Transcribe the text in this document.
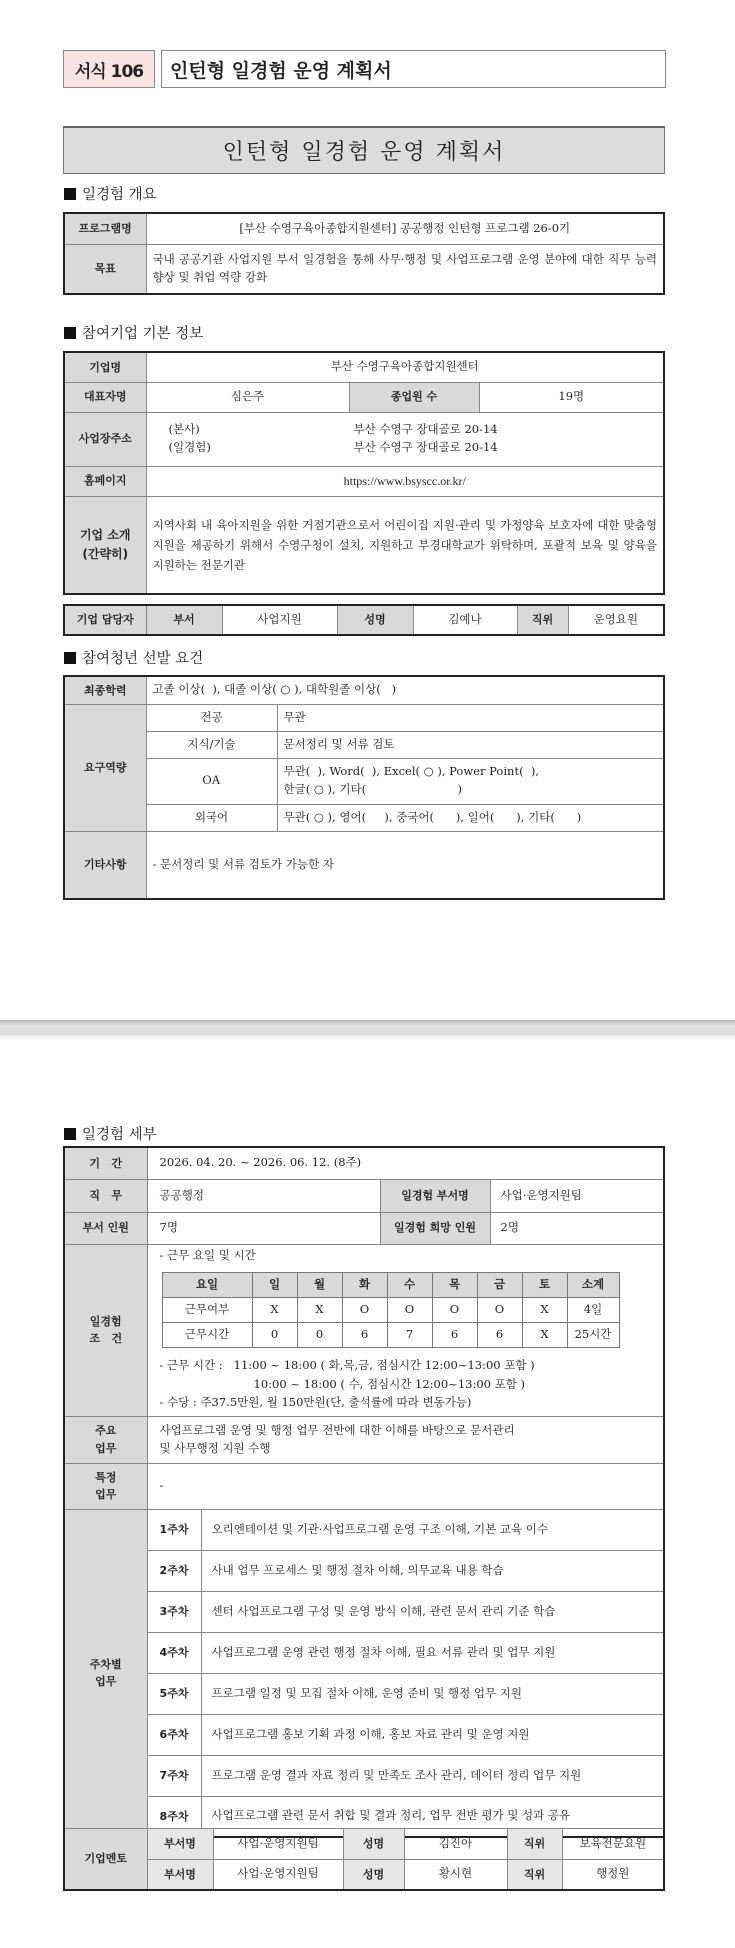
서식 106	인턴형 일경험 운영 계획서
인턴형 일경험 운영 계획서
일경험 개요
프로그램명	[부산 수영구육아종합지원센터] 공공행정 인턴형 프로그램 26-0기
목표	국내 공공기관 사업지원 부서 일경험을 통해 사무·행정 및 사업프로그램 운영 분야에 대한 직무 능력 향상 및 취업 역량 강화
참여기업 기본 정보
기업명	부산 수영구육아종합지원센터		
대표자명	심은주	종업원 수	19명
사업장주소	(본사) 부산 수영구 장대골로 20-14
(일경험) 부산 수영구 장대골로 20-14		

홈페이지	https://www.bsyscc.or.kr/		

기업 소개
(간략히)	지역사회 내 육아지원을 위한 거점기관으로서 어린이집 지원·관리 및 가정양육 보호자에 대한 맞춤형 지원을 제공하기 위해서 수영구청이 설치, 지원하고 부경대학교가 위탁하며, 포괄적 보육 및 양육을 지원하는 전문기관		
기업 담당자	부서	사업지원	성명	김예나	직위	운영요원
참여청년 선발 요건
최종학력	고졸 이상(  ), 대졸 이상( ○ ), 대학원졸 이상(   )	
요구역량	전공	무관
	지식/기술	문서정리 및 서류 검토
	OA	무관(  ), Word(  ), Excel( ○ ), Power Point(  ),
한글( ○ ), 기타(                         )

	외국어	무관( ○ ), 영어(     ), 중국어(      ), 일어(      ), 기타(      )
기타사항	- 문서정리 및 서류 검토가 가능한 자	
일경험 세부
기   간	2026. 04. 20. ~ 2026. 06. 12. (8주)
직   무	공공행정	일경험 부서명	사업·운영지원팀
부서 인원	7명	일경험 희망 인원	2명

일경험
조   건

- 근무 요일 및 시간
요일	일	월	화	수	목	금	토	소계
근무여부	X	X	O	O	O	O	X	4일
근무시간	0	0	6	7	6	6	X	25시간
- 근무 시간 :   11:00 ~ 18:00 ( 화,목,금, 점심시간 12:00~13:00 포함 )
10:00 ~ 18:00 ( 수, 점심시간 12:00~13:00 포함 )
- 수당 : 주37.5만원, 월 150만원(단, 출석률에 따라 변동가능)

주요
업무

사업프로그램 운영 및 행정 업무 전반에 대한 이해를 바탕으로 문서관리
및 사무행정 지원 수행

특정
업무
	-

주차별
업무
	1주차	오리엔테이션 및 기관·사업프로그램 운영 구조 이해, 기본 교육 이수
2주차	사내 업무 프로세스 및 행정 절차 이해, 의무교육 내용 학습
3주차	센터 사업프로그램 구성 및 운영 방식 이해, 관련 문서 관리 기준 학습
4주차	사업프로그램 운영 관련 행정 절차 이해, 필요 서류 관리 및 업무 지원
5주차	프로그램 일정 및 모집 절차 이해, 운영 준비 및 행정 업무 지원
6주차	사업프로그램 홍보 기획 과정 이해, 홍보 자료 관리 및 운영 지원
7주차	프로그램 운영 결과 자료 정리 및 만족도 조사 관리, 데이터 정리 업무 지원
8주차	사업프로그램 관련 문서 취합 및 결과 정리, 업무 전반 평가 및 성과 공유
기업멘토	부서명	사업·운영지원팀	성명	김진아	직위	보육전문요원
	부서명	사업·운영지원팀	성명	황시현	직위	행정원
